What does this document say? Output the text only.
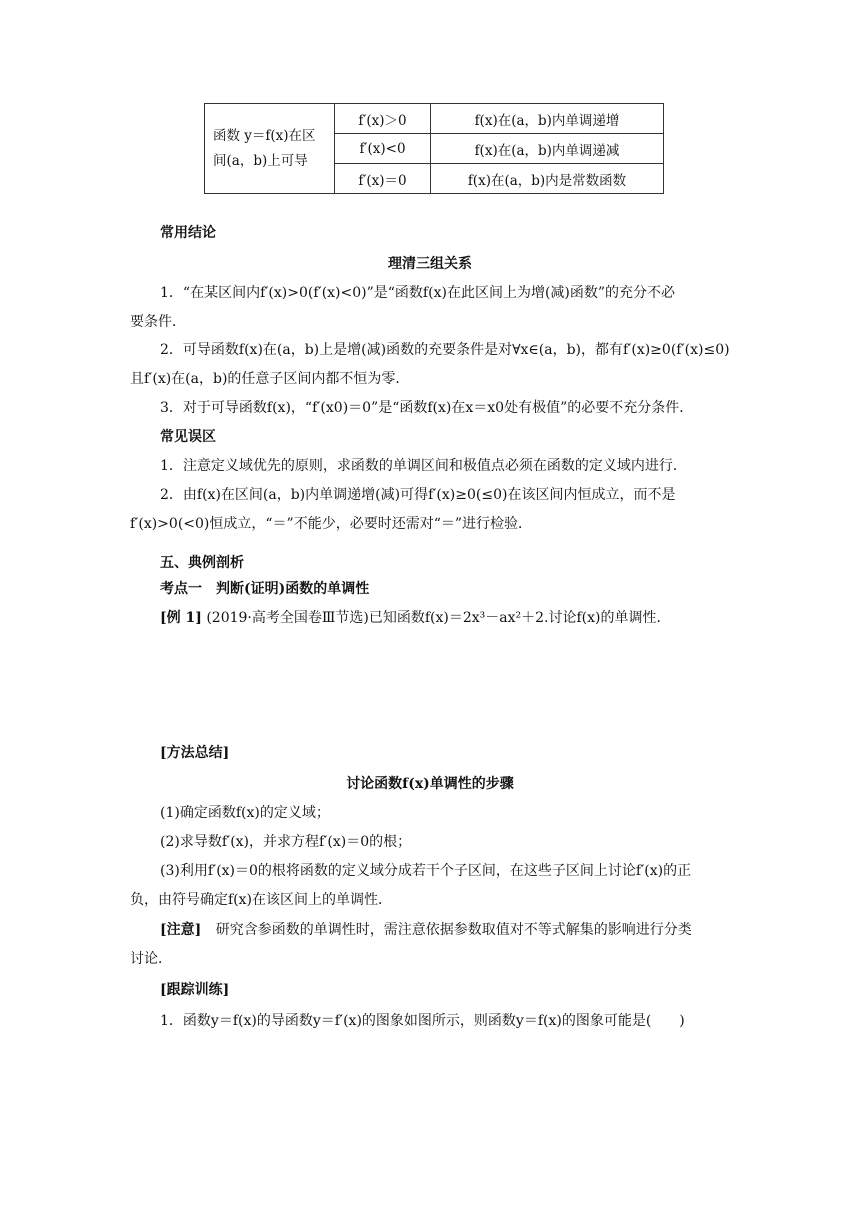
函数 y＝f(x)在区
间(a，b)上可导	f′(x)＞0	f(x)在(a，b)内单调递增
	f′(x)<0	f(x)在(a，b)内单调递减
	f′(x)＝0	f(x)在(a，b)内是常数函数
常用结论
理清三组关系
1．“在某区间内f′(x)>0(f′(x)<0)”是“函数f(x)在此区间上为增(减)函数”的充分不必
要条件．
2．可导函数f(x)在(a，b)上是增(减)函数的充要条件是对∀x∈(a，b)，都有f′(x)≥0(f′(x)≤0)
且f′(x)在(a，b)的任意子区间内都不恒为零．
3．对于可导函数f(x)，“f′(x0)＝0”是“函数f(x)在x＝x0处有极值”的必要不充分条件．
常见误区
1．注意定义域优先的原则，求函数的单调区间和极值点必须在函数的定义域内进行．
2．由f(x)在区间(a，b)内单调递增(减)可得f′(x)≥0(≤0)在该区间内恒成立，而不是
f′(x)>0(<0)恒成立，“＝”不能少，必要时还需对“＝”进行检验．
五、典例剖析
考点一　判断(证明)函数的单调性
[例 1] (2019·高考全国卷Ⅲ节选)已知函数f(x)＝2x³－ax²＋2.讨论f(x)的单调性．
[方法总结]
讨论函数f(x)单调性的步骤
(1)确定函数f(x)的定义域；
(2)求导数f′(x)，并求方程f′(x)＝0的根；
(3)利用f′(x)＝0的根将函数的定义域分成若干个子区间，在这些子区间上讨论f′(x)的正
负，由符号确定f(x)在该区间上的单调性．
[注意] 研究含参函数的单调性时，需注意依据参数取值对不等式解集的影响进行分类
讨论．
[跟踪训练]
1．函数y＝f(x)的导函数y＝f′(x)的图象如图所示，则函数y＝f(x)的图象可能是(　　)
